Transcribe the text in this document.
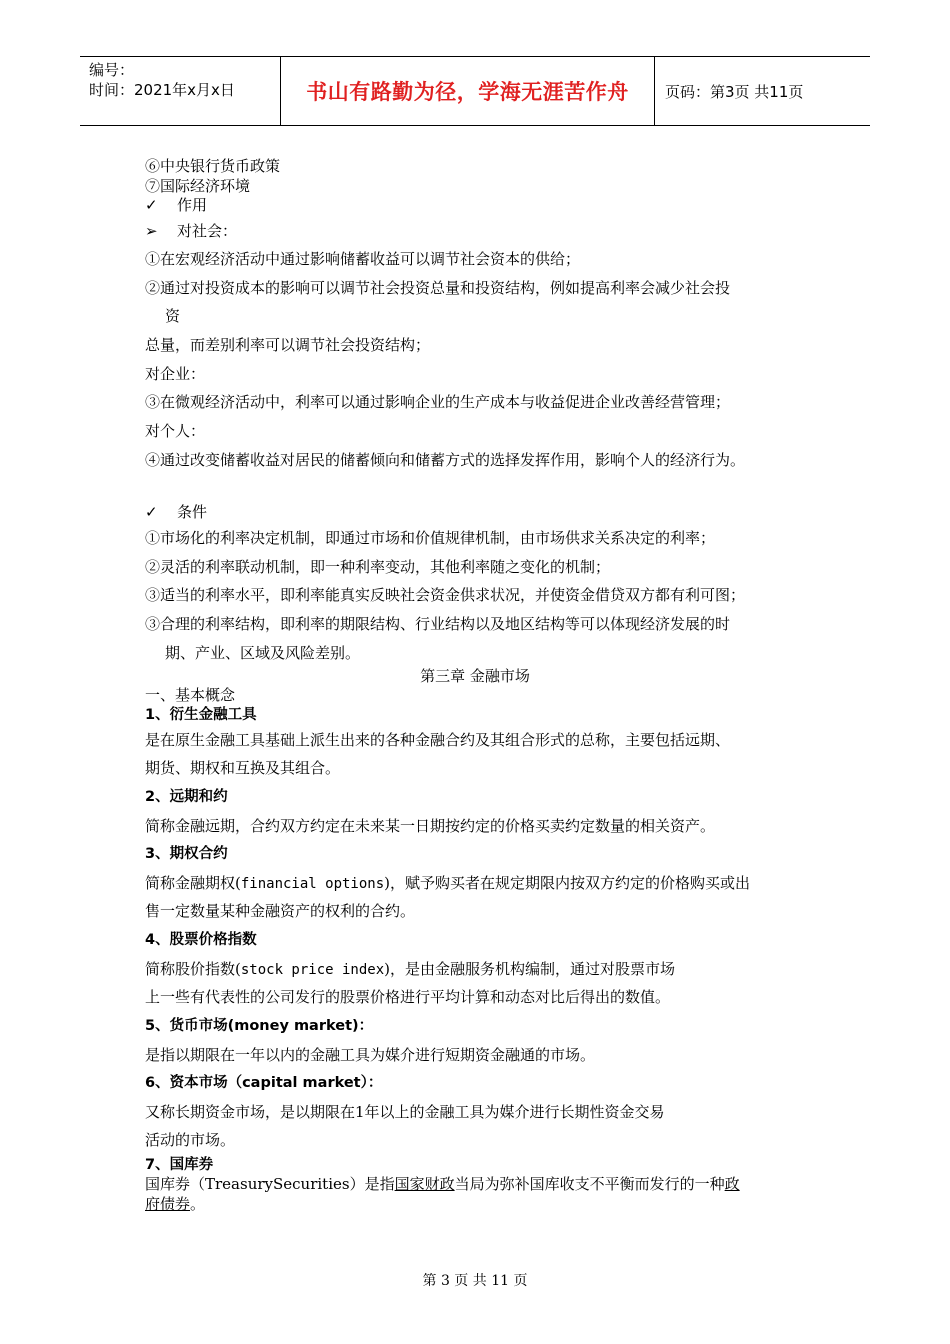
编号：
时间：2021年x月x日	书山有路勤为径，学海无涯苦作舟	页码：第3页 共11页
⑥中央银行货币政策
⑦国际经济环境
✓ 作用
➢ 对社会：
①在宏观经济活动中通过影响储蓄收益可以调节社会资本的供给；
②通过对投资成本的影响可以调节社会投资总量和投资结构，例如提高利率会减少社会投
资
总量，而差别利率可以调节社会投资结构；
对企业：
③在微观经济活动中，利率可以通过影响企业的生产成本与收益促进企业改善经营管理；
对个人：
④通过改变储蓄收益对居民的储蓄倾向和储蓄方式的选择发挥作用，影响个人的经济行为。
✓ 条件
①市场化的利率决定机制，即通过市场和价值规律机制，由市场供求关系决定的利率；
②灵活的利率联动机制，即一种利率变动，其他利率随之变化的机制；
③适当的利率水平，即利率能真实反映社会资金供求状况，并使资金借贷双方都有利可图；
③合理的利率结构，即利率的期限结构、行业结构以及地区结构等可以体现经济发展的时
期、产业、区域及风险差别。
第三章 金融市场
一、基本概念
1、衍生金融工具
是在原生金融工具基础上派生出来的各种金融合约及其组合形式的总称，主要包括远期、
期货、期权和互换及其组合。
2、远期和约
简称金融远期，合约双方约定在未来某一日期按约定的价格买卖约定数量的相关资产。
3、期权合约
简称金融期权(financial options)，赋予购买者在规定期限内按双方约定的价格购买或出
售一定数量某种金融资产的权利的合约。
4、股票价格指数
简称股价指数(stock price index)，是由金融服务机构编制，通过对股票市场
上一些有代表性的公司发行的股票价格进行平均计算和动态对比后得出的数值。
5、货币市场(money market)：
是指以期限在一年以内的金融工具为媒介进行短期资金融通的市场。
6、资本市场（capital market）：
又称长期资金市场，是以期限在1年以上的金融工具为媒介进行长期性资金交易
活动的市场。
7、国库券
国库券（TreasurySecurities）是指国家财政当局为弥补国库收支不平衡而发行的一种政
府债券。
第 3 页 共 11 页
